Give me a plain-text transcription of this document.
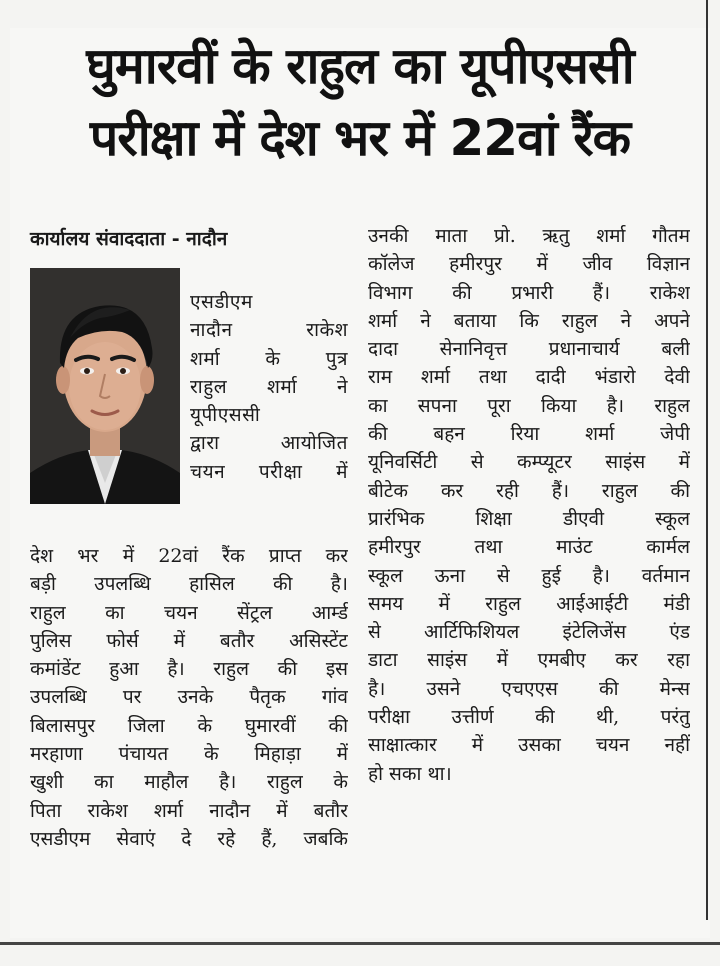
घुमारवीं के राहुल का यूपीएससी
परीक्षा में देश भर में 22वां रैंक
कार्यालय संवाददाता - नादौन
एसडीएम
नादौन राकेश
शर्मा के पुत्र
राहुल शर्मा ने
यूपीएससी
द्वारा आयोजित
चयन परीक्षा में
देश भर में 22वां रैंक प्राप्त कर
बड़ी उपलब्धि हासिल की है।
राहुल का चयन सेंट्रल आर्म्ड
पुलिस फोर्स में बतौर असिस्टेंट
कमांडेंट हुआ है। राहुल की इस
उपलब्धि पर उनके पैतृक गांव
बिलासपुर जिला के घुमारवीं की
मरहाणा पंचायत के मिहाड़ा में
खुशी का माहौल है। राहुल के
पिता राकेश शर्मा नादौन में बतौर
एसडीएम सेवाएं दे रहे हैं, जबकि
उनकी माता प्रो. ऋतु शर्मा गौतम
कॉलेज हमीरपुर में जीव विज्ञान
विभाग की प्रभारी हैं। राकेश
शर्मा ने बताया कि राहुल ने अपने
दादा सेनानिवृत्त प्रधानाचार्य बली
राम शर्मा तथा दादी भंडारो देवी
का सपना पूरा किया है। राहुल
की बहन रिया शर्मा जेपी
यूनिवर्सिटी से कम्प्यूटर साइंस में
बीटेक कर रही हैं। राहुल की
प्रारंभिक शिक्षा डीएवी स्कूल
हमीरपुर तथा माउंट कार्मल
स्कूल ऊना से हुई है। वर्तमान
समय में राहुल आईआईटी मंडी
से आर्टिफिशियल इंटेलिजेंस एंड
डाटा साइंस में एमबीए कर रहा
है। उसने एचएएस की मेन्स
परीक्षा उत्तीर्ण की थी, परंतु
साक्षात्कार में उसका चयन नहीं
हो सका था।
